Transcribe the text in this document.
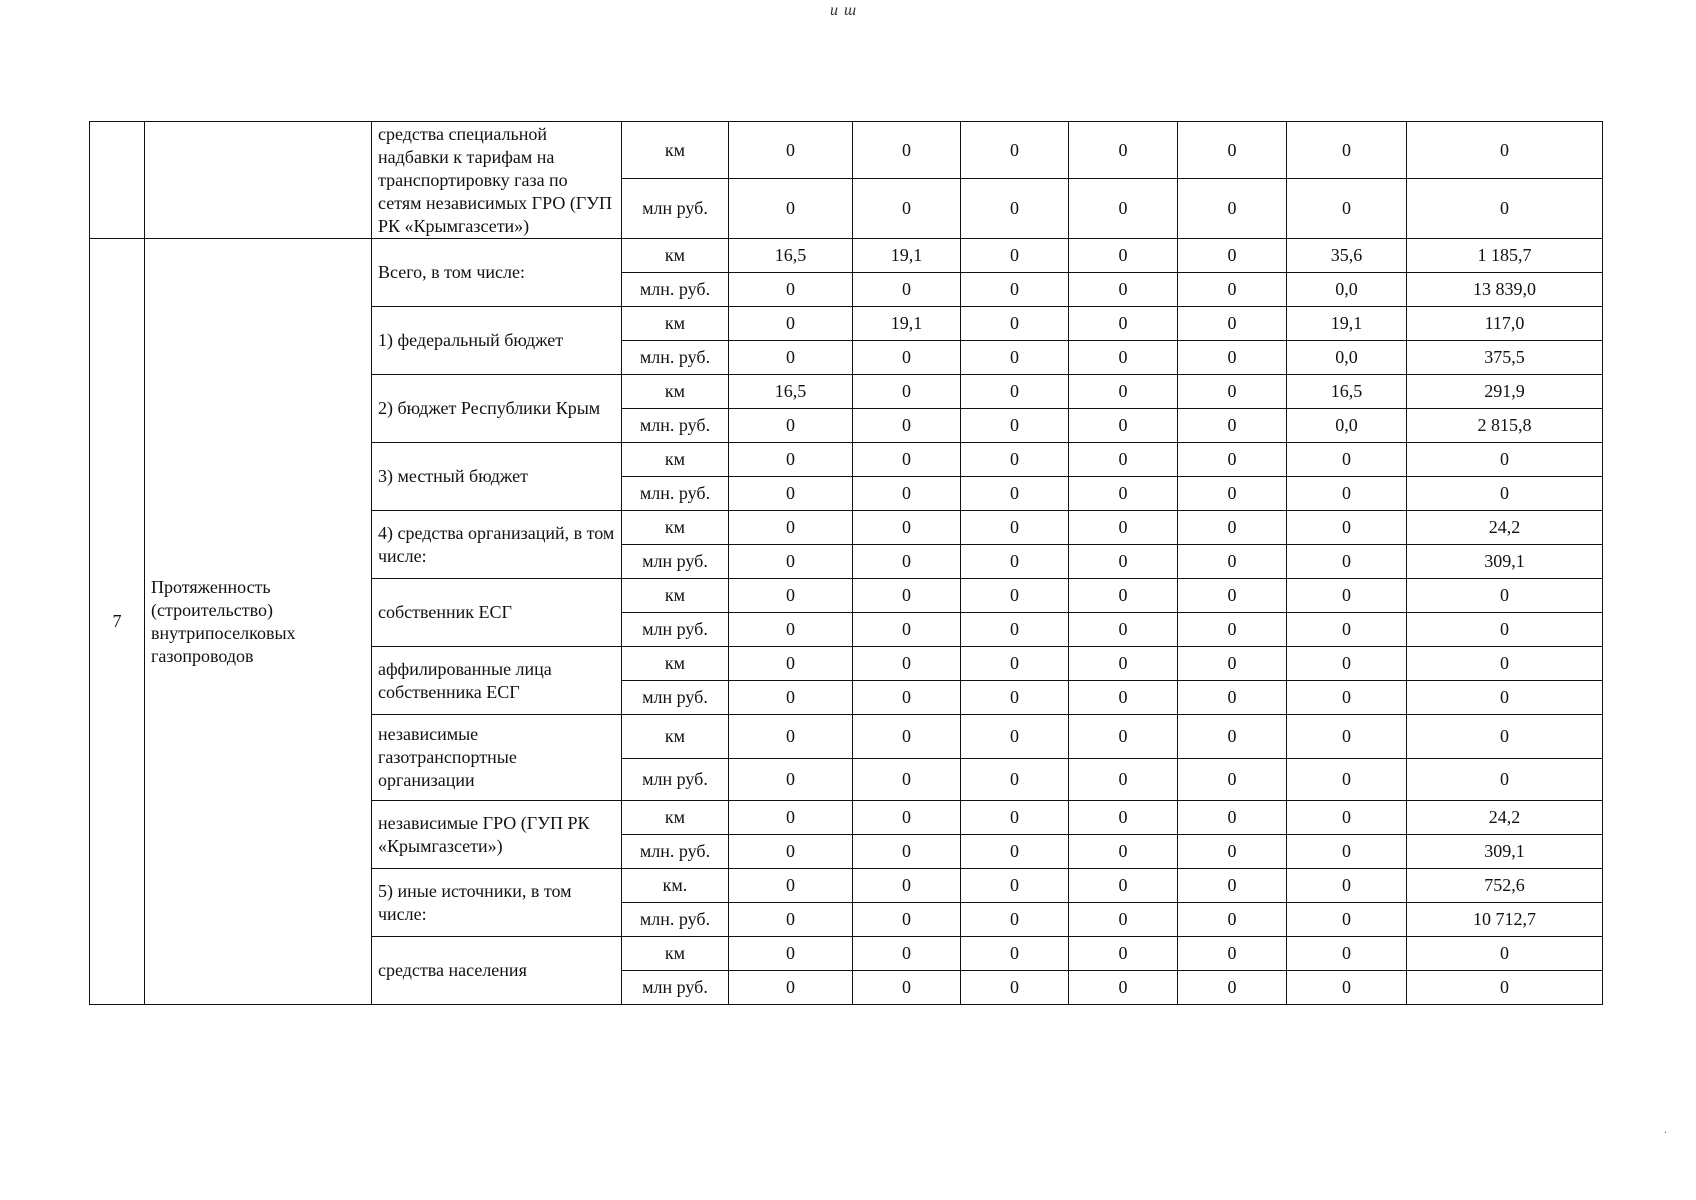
и ш
.
		средства специальной надбавки к тарифам на транспортировку газа по сетям независимых ГРО (ГУП РК «Крымгазсети»)	км	0	0	0	0	0	0	0
			млн руб.	0	0	0	0	0	0	0
7	Протяженность (строительство) внутрипоселковых газопроводов	Всего, в том числе:	км	16,5	19,1	0	0	0	35,6	1 185,7
			млн. руб.	0	0	0	0	0	0,0	13 839,0
		1) федеральный бюджет	км	0	19,1	0	0	0	19,1	117,0
			млн. руб.	0	0	0	0	0	0,0	375,5
		2) бюджет Республики Крым	км	16,5	0	0	0	0	16,5	291,9
			млн. руб.	0	0	0	0	0	0,0	2 815,8
		3) местный бюджет	км	0	0	0	0	0	0	0
			млн. руб.	0	0	0	0	0	0	0
		4) средства организаций, в том числе:	км	0	0	0	0	0	0	24,2
			млн руб.	0	0	0	0	0	0	309,1
		собственник ЕСГ	км	0	0	0	0	0	0	0
			млн руб.	0	0	0	0	0	0	0
		аффилированные лица собственника ЕСГ	км	0	0	0	0	0	0	0
			млн руб.	0	0	0	0	0	0	0
		независимые газотранспортные организации	км	0	0	0	0	0	0	0
			млн руб.	0	0	0	0	0	0	0
		независимые ГРО (ГУП РК «Крымгазсети»)	км	0	0	0	0	0	0	24,2
			млн. руб.	0	0	0	0	0	0	309,1
		5) иные источники, в том числе:	км.	0	0	0	0	0	0	752,6
			млн. руб.	0	0	0	0	0	0	10 712,7
		средства населения	км	0	0	0	0	0	0	0
			млн руб.	0	0	0	0	0	0	0
